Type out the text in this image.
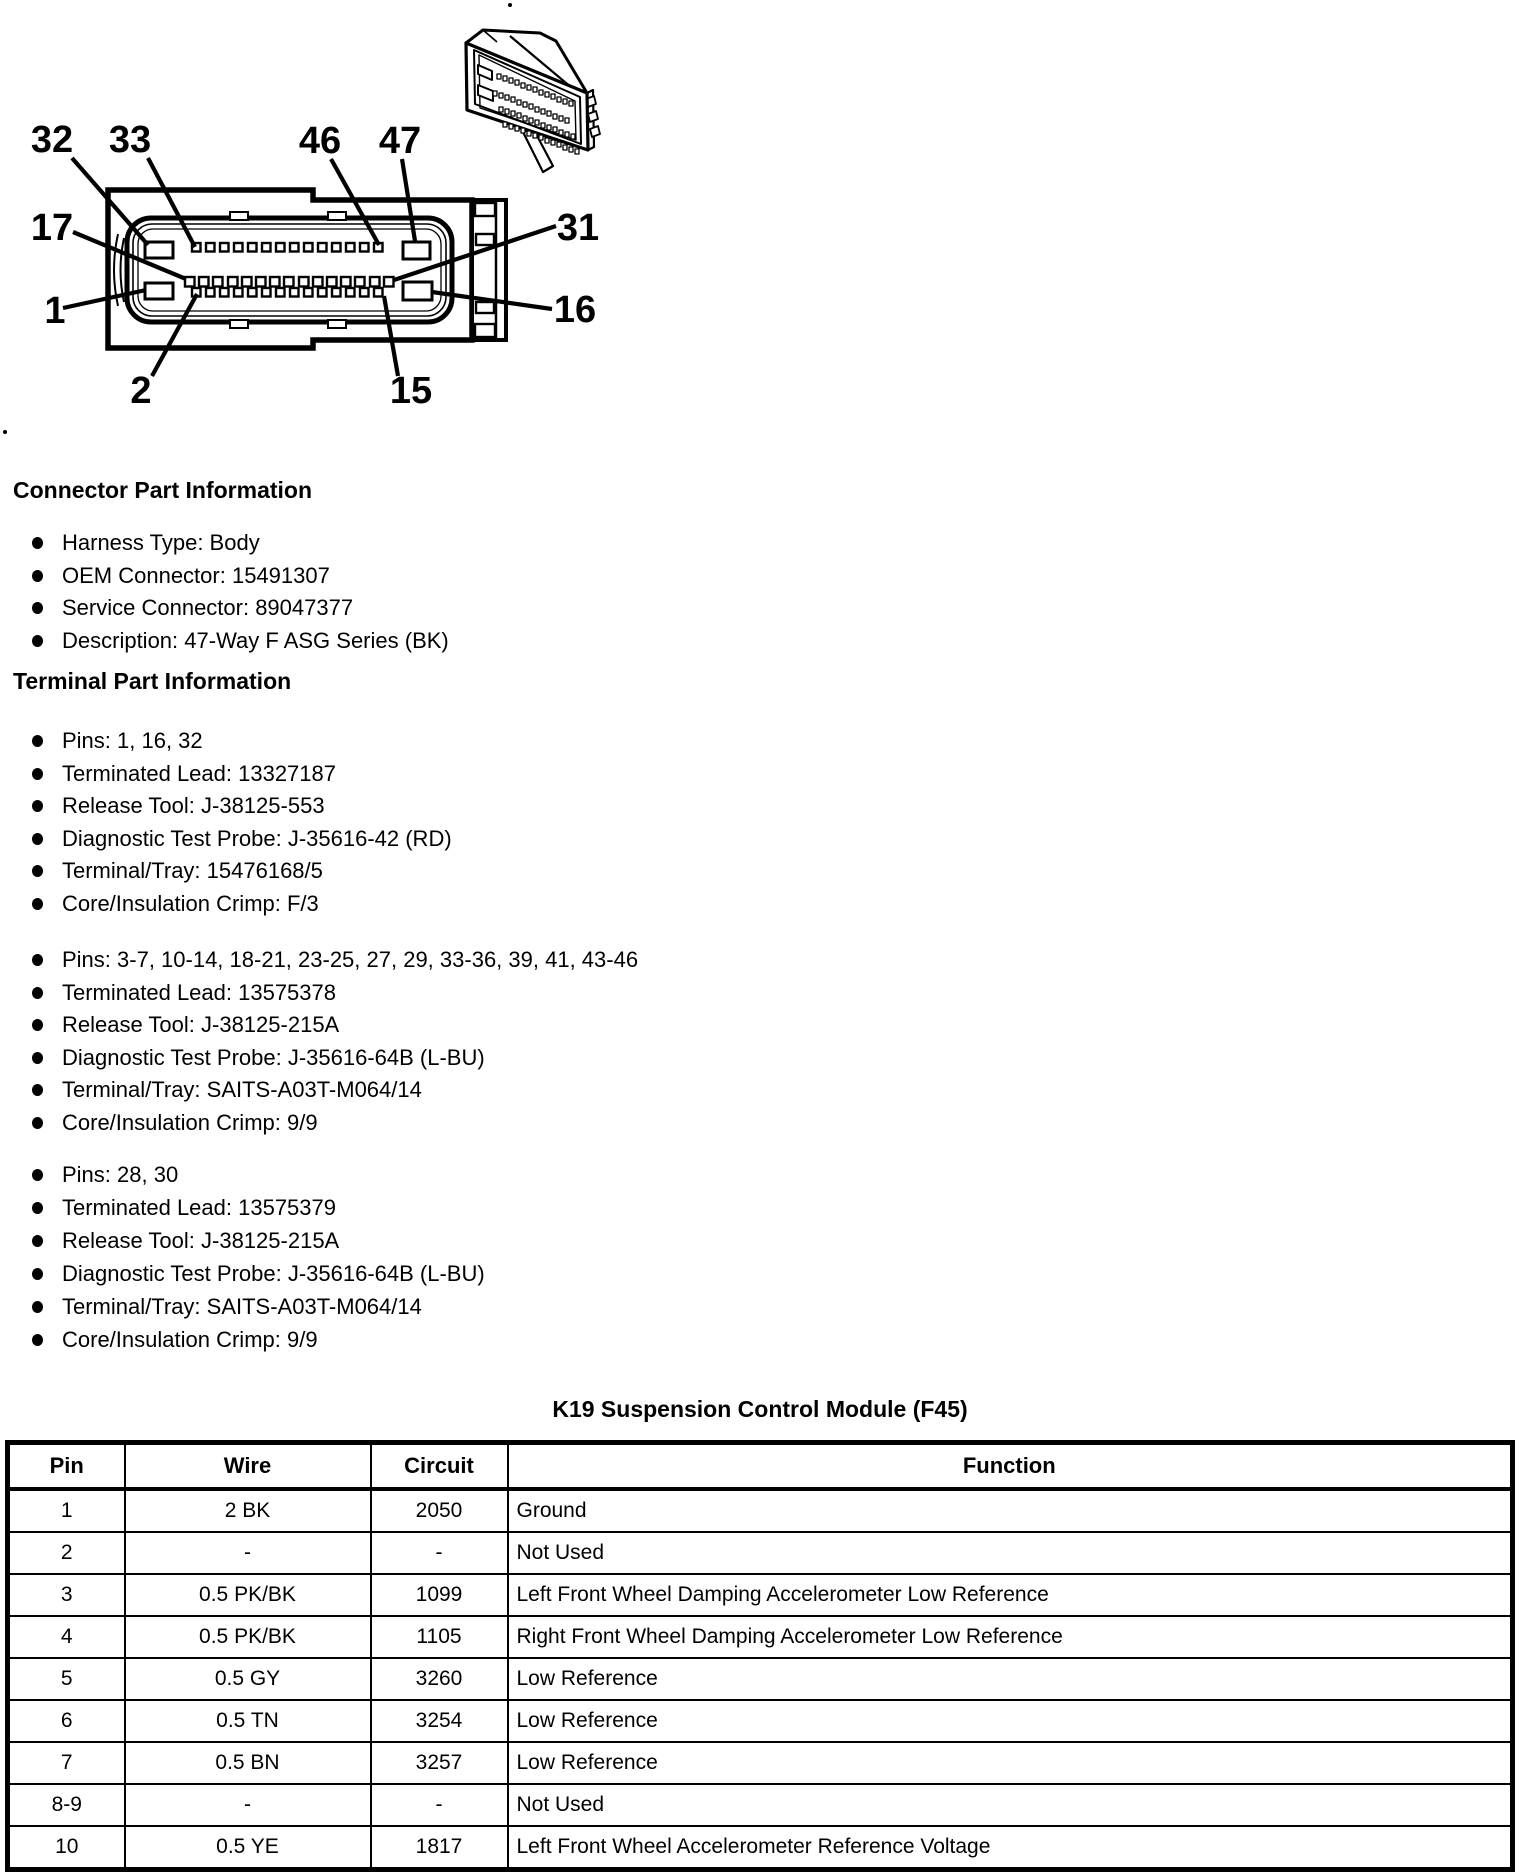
32 33	46 47
17
1
31
16
2	15
Connector Part Information
Harness Type: Body
OEM Connector: 15491307
Service Connector: 89047377
Description: 47-Way F ASG Series (BK)
Terminal Part Information
Pins: 1, 16, 32
Terminated Lead: 13327187
Release Tool: J-38125-553
Diagnostic Test Probe: J-35616-42 (RD)
Terminal/Tray: 15476168/5
Core/Insulation Crimp: F/3
Pins: 3-7, 10-14, 18-21, 23-25, 27, 29, 33-36, 39, 41, 43-46
Terminated Lead: 13575378
Release Tool: J-38125-215A
Diagnostic Test Probe: J-35616-64B (L-BU)
Terminal/Tray: SAITS-A03T-M064/14
Core/Insulation Crimp: 9/9
Pins: 28, 30
Terminated Lead: 13575379
Release Tool: J-38125-215A
Diagnostic Test Probe: J-35616-64B (L-BU)
Terminal/Tray: SAITS-A03T-M064/14
Core/Insulation Crimp: 9/9
K19 Suspension Control Module (F45)
Pin	Wire	Circuit	Function
1	2 BK	2050	Ground
2	-	-	Not Used
3	0.5 PK/BK	1099	Left Front Wheel Damping Accelerometer Low Reference
4	0.5 PK/BK	1105	Right Front Wheel Damping Accelerometer Low Reference
5	0.5 GY	3260	Low Reference
6	0.5 TN	3254	Low Reference
7	0.5 BN	3257	Low Reference
8-9	-	-	Not Used
10	0.5 YE	1817	Left Front Wheel Accelerometer Reference Voltage
